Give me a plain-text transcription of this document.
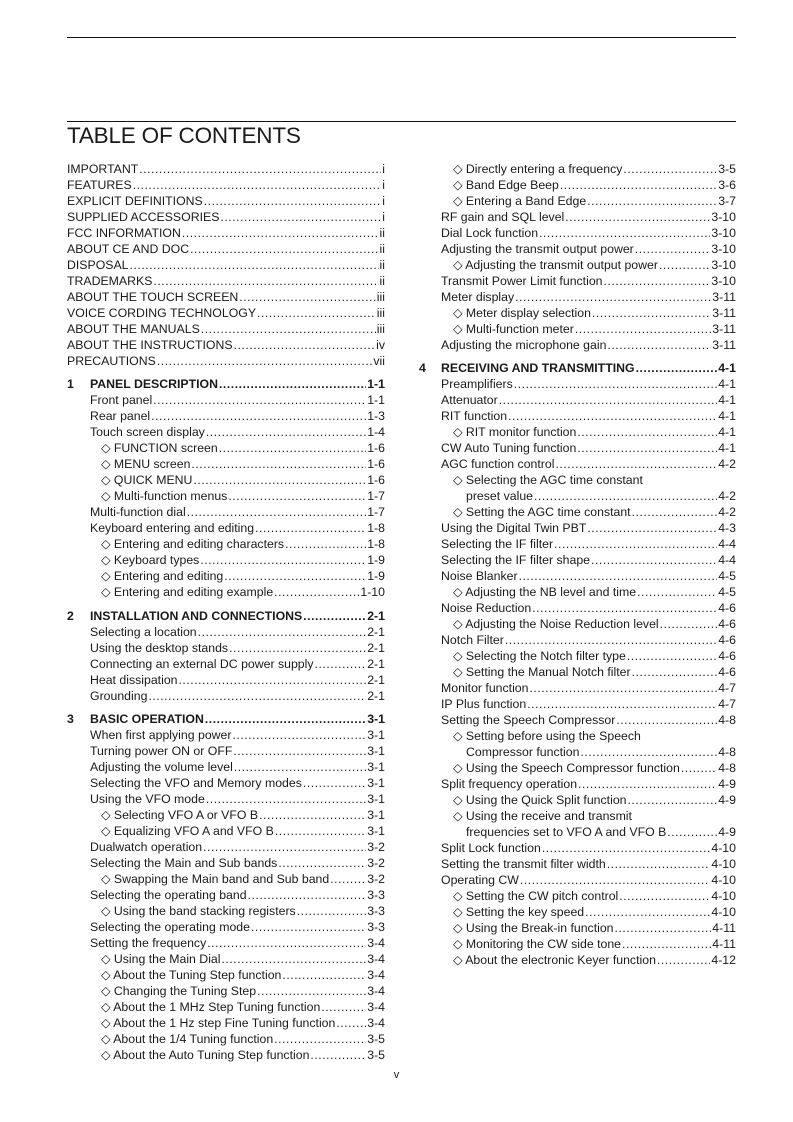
TABLE OF CONTENTS
IMPORTANT .....	i
FEATURES .....	i
EXPLICIT DEFINITIONS .....	i
SUPPLIED ACCESSORIES .....	i
FCC INFORMATION .....	ii
ABOUT CE AND DOC .....	ii
DISPOSAL .....	ii
TRADEMARKS .....	ii
ABOUT THE TOUCH SCREEN .....	iii
VOICE CORDING TECHNOLOGY .....	iii
ABOUT THE MANUALS .....	iii
ABOUT THE INSTRUCTIONS .....	iv
PRECAUTIONS .....	vii
1 PANEL DESCRIPTION .....	1-1
Front panel .....	1-1
Rear panel .....	1-3
Touch screen display .....	1-4
◇ FUNCTION screen .....	1-6
◇ MENU screen .....	1-6
◇ QUICK MENU .....	1-6
◇ Multi-function menus .....	1-7
Multi-function dial .....	1-7
Keyboard entering and editing .....	1-8
◇ Entering and editing characters .....	1-8
◇ Keyboard types .....	1-9
◇ Entering and editing .....	1-9
◇ Entering and editing example .....	1-10
2 INSTALLATION AND CONNECTIONS .....	2-1
Selecting a location .....	2-1
Using the desktop stands .....	2-1
Connecting an external DC power supply .....	2-1
Heat dissipation .....	2-1
Grounding .....	2-1
3 BASIC OPERATION .....	3-1
When first applying power .....	3-1
Turning power ON or OFF .....	3-1
Adjusting the volume level .....	3-1
Selecting the VFO and Memory modes .....	3-1
Using the VFO mode .....	3-1
◇ Selecting VFO A or VFO B .....	3-1
◇ Equalizing VFO A and VFO B .....	3-1
Dualwatch operation .....	3-2
Selecting the Main and Sub bands .....	3-2
◇ Swapping the Main band and Sub band .....	3-2
Selecting the operating band .....	3-3
◇ Using the band stacking registers .....	3-3
Selecting the operating mode .....	3-3
Setting the frequency .....	3-4
◇ Using the Main Dial .....	3-4
◇ About the Tuning Step function .....	3-4
◇ Changing the Tuning Step .....	3-4
◇ About the 1 MHz Step Tuning function .....	3-4
◇ About the 1 Hz step Fine Tuning function .....	3-4
◇ About the 1/4 Tuning function .....	3-5
◇ About the Auto Tuning Step function .....	3-5
◇ Directly entering a frequency .....	3-5
◇ Band Edge Beep .....	3-6
◇ Entering a Band Edge .....	3-7
RF gain and SQL level .....	3-10
Dial Lock function .....	3-10
Adjusting the transmit output power .....	3-10
◇ Adjusting the transmit output power .....	3-10
Transmit Power Limit function .....	3-10
Meter display .....	3-11
◇ Meter display selection .....	3-11
◇ Multi-function meter .....	3-11
Adjusting the microphone gain .....	3-11
4 RECEIVING AND TRANSMITTING .....	4-1
Preamplifiers .....	4-1
Attenuator .....	4-1
RIT function .....	4-1
◇ RIT monitor function .....	4-1
CW Auto Tuning function .....	4-1
AGC function control .....	4-2
◇ Selecting the AGC time constant
preset value .....	4-2
◇ Setting the AGC time constant .....	4-2
Using the Digital Twin PBT .....	4-3
Selecting the IF filter .....	4-4
Selecting the IF filter shape .....	4-4
Noise Blanker .....	4-5
◇ Adjusting the NB level and time .....	4-5
Noise Reduction .....	4-6
◇ Adjusting the Noise Reduction level .....	4-6
Notch Filter .....	4-6
◇ Selecting the Notch filter type .....	4-6
◇ Setting the Manual Notch filter .....	4-6
Monitor function .....	4-7
IP Plus function .....	4-7
Setting the Speech Compressor .....	4-8
◇ Setting before using the Speech
Compressor function .....	4-8
◇ Using the Speech Compressor function .....	4-8
Split frequency operation .....	4-9
◇ Using the Quick Split function .....	4-9
◇ Using the receive and transmit
frequencies set to VFO A and VFO B .....	4-9
Split Lock function .....	4-10
Setting the transmit filter width .....	4-10
Operating CW .....	4-10
◇ Setting the CW pitch control .....	4-10
◇ Setting the key speed .....	4-10
◇ Using the Break-in function .....	4-11
◇ Monitoring the CW side tone .....	4-11
◇ About the electronic Keyer function .....	4-12
v
